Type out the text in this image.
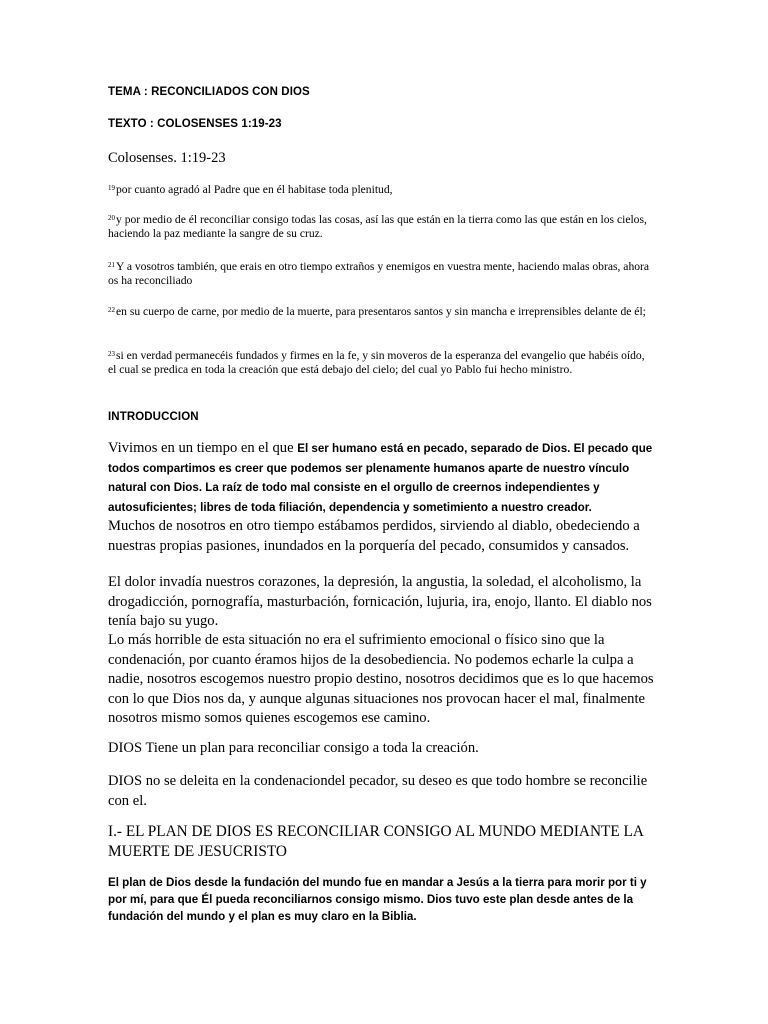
TEMA : RECONCILIADOS CON DIOS
TEXTO : COLOSENSES 1:19-23
Colosenses. 1:19-23
$^{19}$por cuanto agradó al Padre que en él habitase toda plenitud,
$^{20}$y por medio de él reconciliar consigo todas las cosas, así las que están en la tierra como las que están en los cielos, haciendo la paz mediante la sangre de su cruz.
$^{21}$Y a vosotros también, que erais en otro tiempo extraños y enemigos en vuestra mente, haciendo malas obras, ahora os ha reconciliado
$^{22}$en su cuerpo de carne, por medio de la muerte, para presentaros santos y sin mancha e irreprensibles delante de él;
$^{23}$si en verdad permanecéis fundados y firmes en la fe, y sin moveros de la esperanza del evangelio que habéis oído, el cual se predica en toda la creación que está debajo del cielo; del cual yo Pablo fui hecho ministro.
INTRODUCCION
Vivimos en un tiempo en el que El ser humano está en pecado, separado de Dios. El pecado que todos compartimos es creer que podemos ser plenamente humanos aparte de nuestro vínculo natural con Dios. La raíz de todo mal consiste en el orgullo de creernos independientes y autosuficientes; libres de toda filiación, dependencia y sometimiento a nuestro creador.
Muchos de nosotros en otro tiempo estábamos perdidos, sirviendo al diablo, obedeciendo a nuestras propias pasiones, inundados en la porquería del pecado, consumidos y cansados.
El dolor invadía nuestros corazones, la depresión, la angustia, la soledad, el alcoholismo, la drogadicción, pornografía, masturbación, fornicación, lujuria, ira, enojo, llanto. El diablo nos tenía bajo su yugo.
Lo más horrible de esta situación no era el sufrimiento emocional o físico sino que la condenación, por cuanto éramos hijos de la desobediencia. No podemos echarle la culpa a nadie, nosotros escogemos nuestro propio destino, nosotros decidimos que es lo que hacemos con lo que Dios nos da, y aunque algunas situaciones nos provocan hacer el mal, finalmente nosotros mismo somos quienes escogemos ese camino.
DIOS Tiene un plan para reconciliar consigo a toda la creación.
DIOS no se deleita en la condenaciondel pecador, su deseo es que todo hombre se reconcilie con el.
I.- EL PLAN DE DIOS ES RECONCILIAR CONSIGO AL MUNDO MEDIANTE LA MUERTE DE JESUCRISTO
El plan de Dios desde la fundación del mundo fue en mandar a Jesús a la tierra para morir por ti y por mí, para que Él pueda reconciliarnos consigo mismo. Dios tuvo este plan desde antes de la fundación del mundo y el plan es muy claro en la Biblia.
